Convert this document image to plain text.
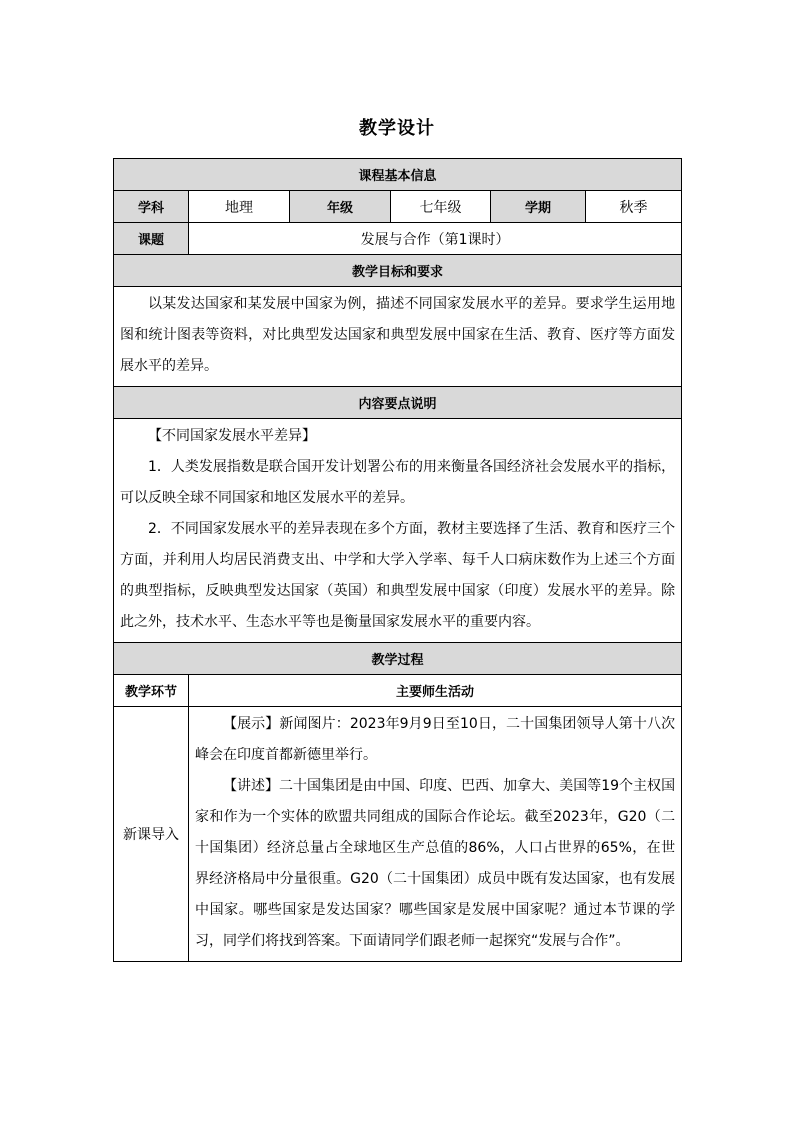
教学设计
课程基本信息					
学科	地理	年级	七年级	学期	秋季
课题	发展与合作（第1课时）				
教学目标和要求					

以某发达国家和某发展中国家为例，描述不同国家发展水平的差异。要求学生运用地图和统计图表等资料，对比典型发达国家和典型发展中国家在生活、教育、医疗等方面发展水平的差异。					

内容要点说明					

【不同国家发展水平差异】

1．人类发展指数是联合国开发计划署公布的用来衡量各国经济社会发展水平的指标，可以反映全球不同国家和地区发展水平的差异。

2．不同国家发展水平的差异表现在多个方面，教材主要选择了生活、教育和医疗三个方面，并利用人均居民消费支出、中学和大学入学率、每千人口病床数作为上述三个方面的典型指标，反映典型发达国家（英国）和典型发展中国家（印度）发展水平的差异。除此之外，技术水平、生态水平等也是衡量国家发展水平的重要内容。					

教学过程					
教学环节	主要师生活动				
新课导入	【展示】新闻图片：2023年9月9日至10日，二十国集团领导人第十八次峰会在印度首都新德里举行。

【讲述】二十国集团是由中国、印度、巴西、加拿大、美国等19个主权国家和作为一个实体的欧盟共同组成的国际合作论坛。截至2023年，G20（二十国集团）经济总量占全球地区生产总值的86%，人口占世界的65%，在世界经济格局中分量很重。G20（二十国集团）成员中既有发达国家，也有发展中国家。哪些国家是发达国家？哪些国家是发展中国家呢？通过本节课的学习，同学们将找到答案。下面请同学们跟老师一起探究“发展与合作”。				
